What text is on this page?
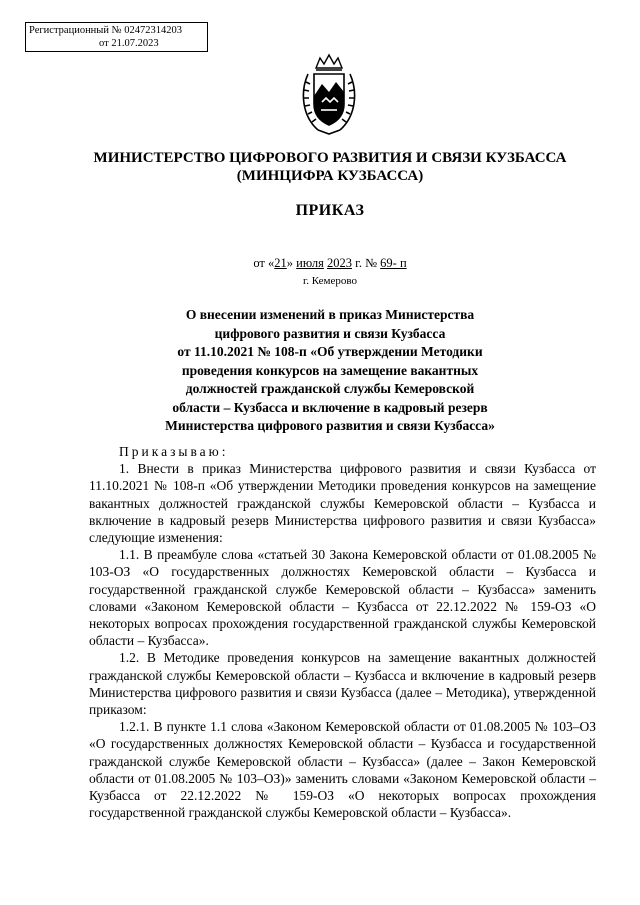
Регистрационный № 02472314203
от 21.07.2023
МИНИСТЕРСТВО ЦИФРОВОГО РАЗВИТИЯ И СВЯЗИ КУЗБАССА
(МИНЦИФРА КУЗБАССА)
ПРИКАЗ
от «21» июля 2023 г. № 69- п
г. Кемерово
О внесении изменений в приказ Министерства
цифрового развития и связи Кузбасса
от 11.10.2021 № 108-п «Об утверждении Методики
проведения конкурсов на замещение вакантных
должностей гражданской службы Кемеровской
области – Кузбасса и включение в кадровый резерв
Министерства цифрового развития и связи Кузбасса»

Приказываю:

1. Внести в приказ Министерства цифрового развития и связи Кузбасса от 11.10.2021 № 108-п «Об утверждении Методики проведения конкурсов на замещение вакантных должностей гражданской службы Кемеровской области – Кузбасса и включение в кадровый резерв Министерства цифрового развития и связи Кузбасса» следующие изменения:

1.1. В преамбуле слова «статьей 30 Закона Кемеровской области от 01.08.2005 № 103-ОЗ «О государственных должностях Кемеровской области – Кузбасса и государственной гражданской службе Кемеровской области – Кузбасса» заменить словами «Законом Кемеровской области – Кузбасса от 22.12.2022 № 159-ОЗ «О некоторых вопросах прохождения государственной гражданской службы Кемеровской области – Кузбасса».

1.2. В Методике проведения конкурсов на замещение вакантных должностей гражданской службы Кемеровской области – Кузбасса и включение в кадровый резерв Министерства цифрового развития и связи Кузбасса (далее – Методика), утвержденной приказом:

1.2.1. В пункте 1.1 слова «Законом Кемеровской области от 01.08.2005 № 103–ОЗ «О государственных должностях Кемеровской области – Кузбасса и государственной гражданской службе Кемеровской области – Кузбасса» (далее – Закон Кемеровской области от 01.08.2005 № 103–ОЗ)» заменить словами «Законом Кемеровской области – Кузбасса от 22.12.2022 № 159-ОЗ «О некоторых вопросах прохождения государственной гражданской службы Кемеровской области – Кузбасса».
